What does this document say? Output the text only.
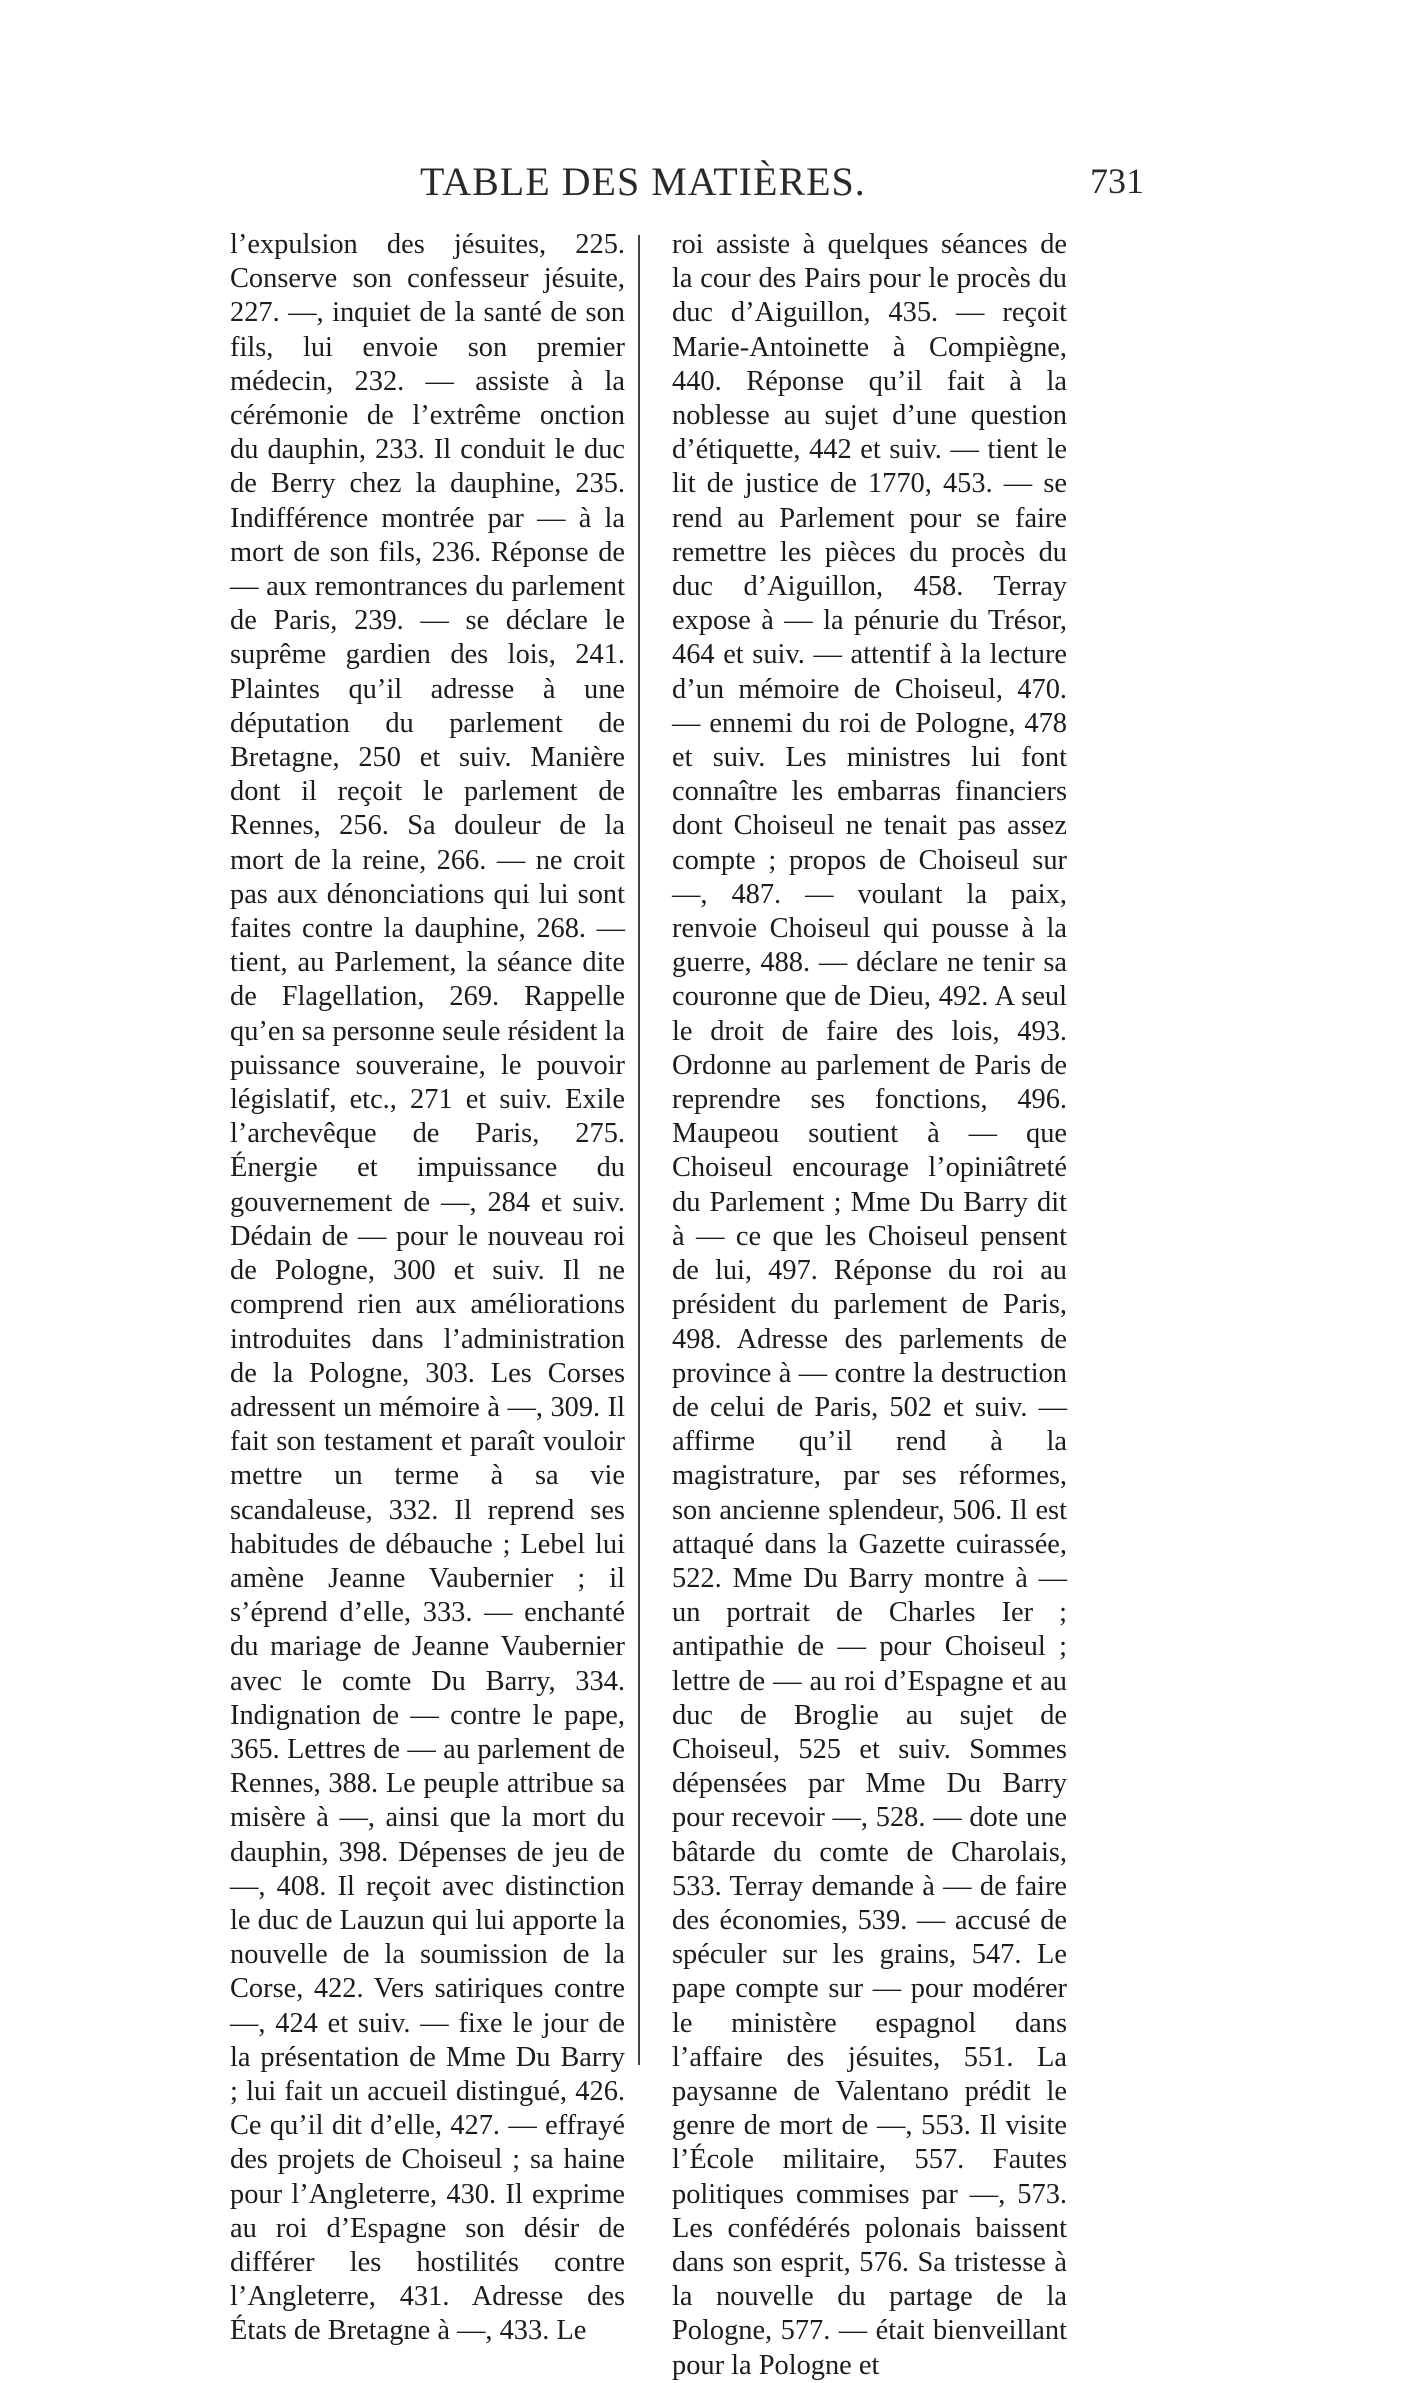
TABLE DES MATIÈRES.	731

l’expulsion des jésuites, 225. Conserve son confesseur jésuite, 227. —, inquiet de la santé de son fils, lui envoie son premier médecin, 232. — assiste à la cérémonie de l’extrême onction du dauphin, 233. Il conduit le duc de Berry chez la dauphine, 235. Indifférence montrée par — à la mort de son fils, 236. Réponse de — aux remontrances du parlement de Paris, 239. — se déclare le suprême gardien des lois, 241. Plaintes qu’il adresse à une députation du parlement de Bretagne, 250 et suiv. Manière dont il reçoit le parlement de Rennes, 256. Sa douleur de la mort de la reine, 266. — ne croit pas aux dénonciations qui lui sont faites contre la dauphine, 268. — tient, au Parlement, la séance dite de Flagellation, 269. Rappelle qu’en sa personne seule résident la puissance souveraine, le pouvoir législatif, etc., 271 et suiv. Exile l’archevêque de Paris, 275. Énergie et impuissance du gouvernement de —, 284 et suiv. Dédain de — pour le nouveau roi de Pologne, 300 et suiv. Il ne comprend rien aux améliorations introduites dans l’administration de la Pologne, 303. Les Corses adressent un mémoire à —, 309. Il fait son testament et paraît vouloir mettre un terme à sa vie scandaleuse, 332. Il reprend ses habitudes de débauche ; Lebel lui amène Jeanne Vaubernier ; il s’éprend d’elle, 333. — enchanté du mariage de Jeanne Vaubernier avec le comte Du Barry, 334. Indignation de — contre le pape, 365. Lettres de — au parlement de Rennes, 388. Le peuple attribue sa misère à —, ainsi que la mort du dauphin, 398. Dépenses de jeu de —, 408. Il reçoit avec distinction le duc de Lauzun qui lui apporte la nouvelle de la soumission de la Corse, 422. Vers satiriques contre —, 424 et suiv. — fixe le jour de la présentation de Mme Du Barry ; lui fait un accueil distingué, 426. Ce qu’il dit d’elle, 427. — effrayé des projets de Choiseul ; sa haine pour l’Angleterre, 430. Il exprime au roi d’Espagne son désir de différer les hostilités contre l’Angleterre, 431. Adresse des États de Bretagne à —, 433. Le

roi assiste à quelques séances de la cour des Pairs pour le procès du duc d’Aiguillon, 435. — reçoit Marie-Antoinette à Compiègne, 440. Réponse qu’il fait à la noblesse au sujet d’une question d’étiquette, 442 et suiv. — tient le lit de justice de 1770, 453. — se rend au Parlement pour se faire remettre les pièces du procès du duc d’Aiguillon, 458. Terray expose à — la pénurie du Trésor, 464 et suiv. — attentif à la lecture d’un mémoire de Choiseul, 470. — ennemi du roi de Pologne, 478 et suiv. Les ministres lui font connaître les embarras financiers dont Choiseul ne tenait pas assez compte ; propos de Choiseul sur —, 487. — voulant la paix, renvoie Choiseul qui pousse à la guerre, 488. — déclare ne tenir sa couronne que de Dieu, 492. A seul le droit de faire des lois, 493. Ordonne au parlement de Paris de reprendre ses fonctions, 496. Maupeou soutient à — que Choiseul encourage l’opiniâtreté du Parlement ; Mme Du Barry dit à — ce que les Choiseul pensent de lui, 497. Réponse du roi au président du parlement de Paris, 498. Adresse des parlements de province à — contre la destruction de celui de Paris, 502 et suiv. — affirme qu’il rend à la magistrature, par ses réformes, son ancienne splendeur, 506. Il est attaqué dans la Gazette cuirassée, 522. Mme Du Barry montre à — un portrait de Charles Ier ; antipathie de — pour Choiseul ; lettre de — au roi d’Espagne et au duc de Broglie au sujet de Choiseul, 525 et suiv. Sommes dépensées par Mme Du Barry pour recevoir —, 528. — dote une bâtarde du comte de Charolais, 533. Terray demande à — de faire des économies, 539. — accusé de spéculer sur les grains, 547. Le pape compte sur — pour modérer le ministère espagnol dans l’affaire des jésuites, 551. La paysanne de Valentano prédit le genre de mort de —, 553. Il visite l’École militaire, 557. Fautes politiques commises par —, 573. Les confédérés polonais baissent dans son esprit, 576. Sa tristesse à la nouvelle du partage de la Pologne, 577. — était bienveillant pour la Pologne et
